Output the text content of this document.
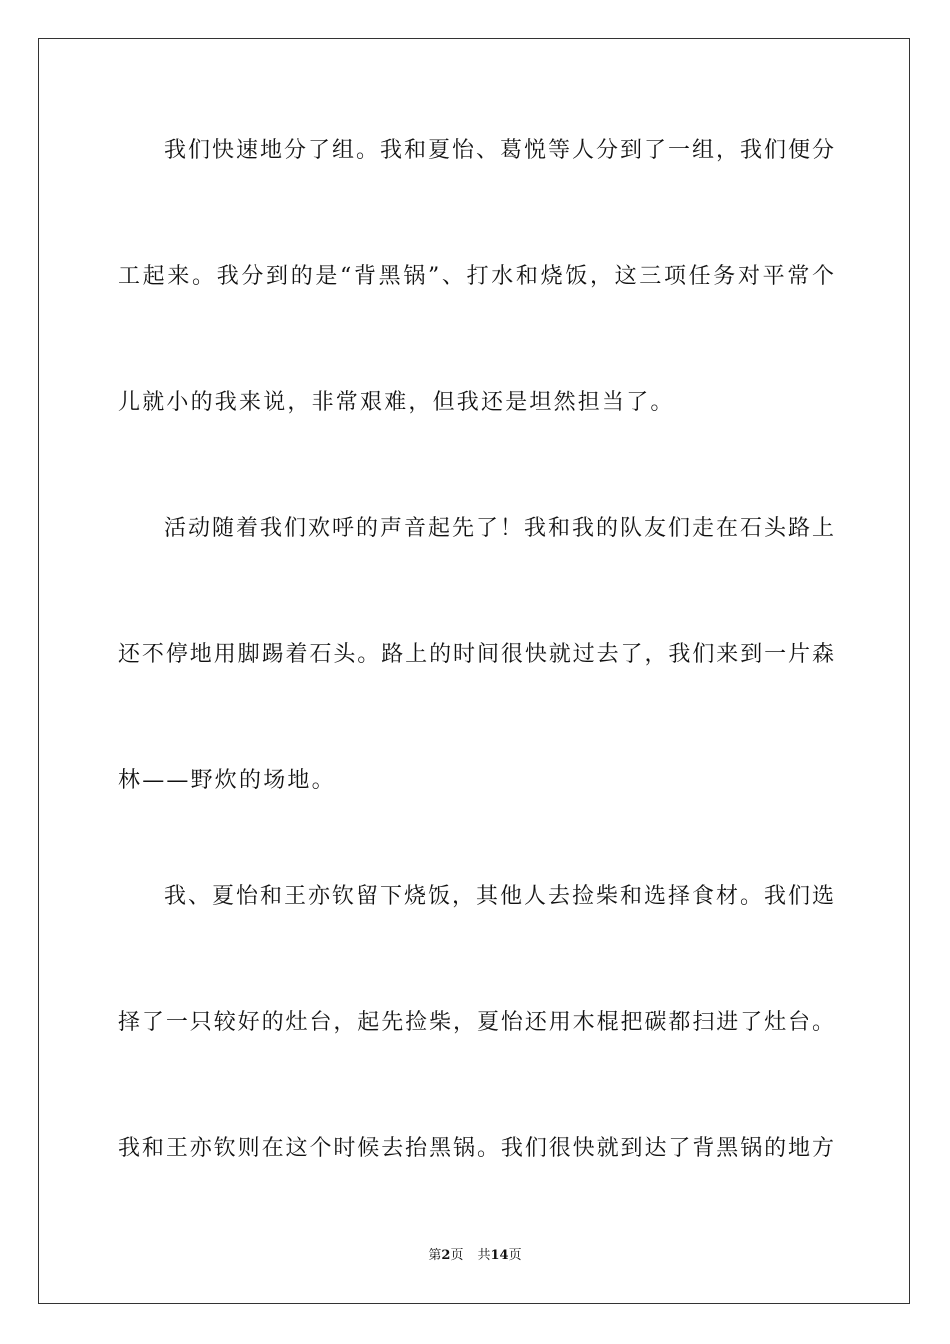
我们快速地分了组。我和夏怡、葛悦等人分到了一组，我们便分
工起来。我分到的是“背黑锅”、打水和烧饭，这三项任务对平常个
儿就小的我来说，非常艰难，但我还是坦然担当了。
活动随着我们欢呼的声音起先了！我和我的队友们走在石头路上
还不停地用脚踢着石头。路上的时间很快就过去了，我们来到一片森
林——野炊的场地。
我、夏怡和王亦钦留下烧饭，其他人去捡柴和选择食材。我们选
择了一只较好的灶台，起先捡柴，夏怡还用木棍把碳都扫进了灶台。
我和王亦钦则在这个时候去抬黑锅。我们很快就到达了背黑锅的地方
第2页 共14页
